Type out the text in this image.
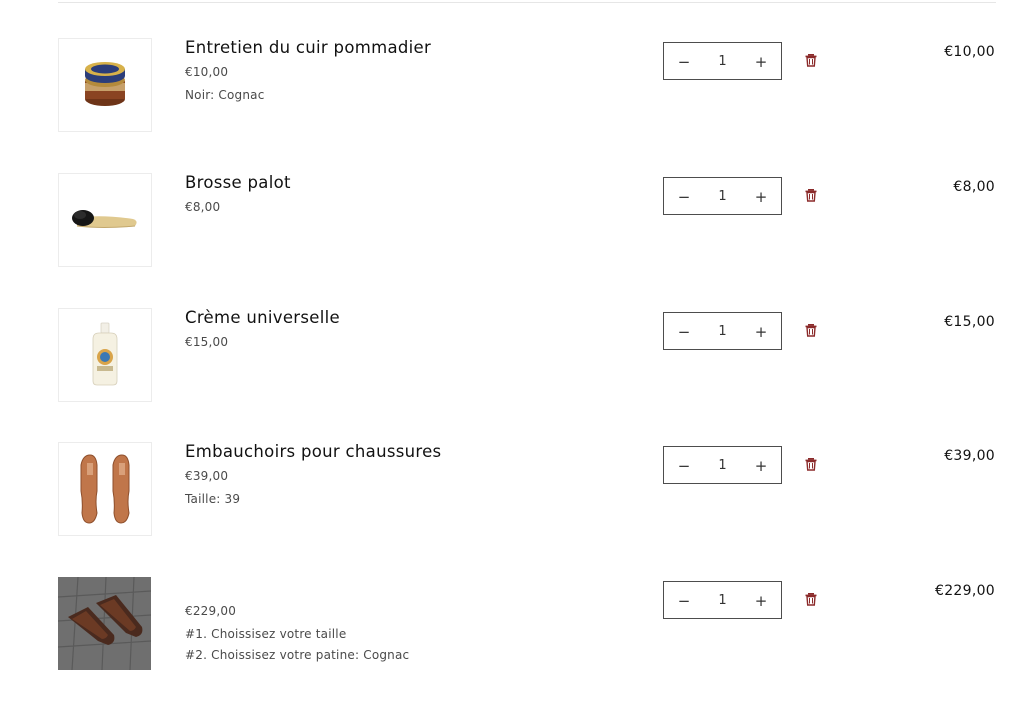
Entretien du cuir pommadier
€10,00
Noir: Cognac
−	1	+
€10,00
Brosse palot
€8,00
−	1	+
€8,00
Crème universelle
€15,00
−	1	+
€15,00
Embauchoirs pour chaussures
€39,00
Taille: 39
−	1	+
€39,00
€229,00
#1. Choissisez votre taille
#2. Choissisez votre patine: Cognac
−	1	+
€229,00
